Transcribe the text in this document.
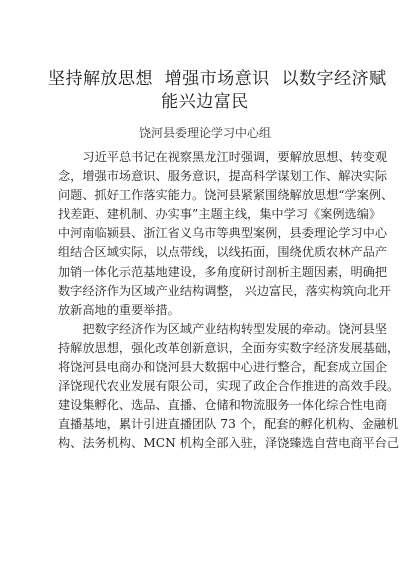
坚持解放思想  增强市场意识  以数字经济赋
能兴边富民

饶河县委理论学习中心组

习近平总书记在视察黑龙江时强调，要解放思想、转变观
念，增强市场意识、服务意识，提高科学谋划工作、解决实际
问题、抓好工作落实能力。饶河县紧紧围绕解放思想“学案例、
找差距、建机制、办实事”主题主线，集中学习《案例选编》
中河南临颍县、浙江省义乌市等典型案例，县委理论学习中心
组结合区域实际，以点带线，以线拓面，围绕优质农林产品产
加销一体化示范基地建设，多角度研讨剖析主题因素，明确把
数字经济作为区域产业结构调整， 兴边富民，落实构筑向北开
放新高地的重要举措。

把数字经济作为区域产业结构转型发展的牵动。饶河县坚
持解放思想，强化改革创新意识，全面夯实数字经济发展基础，
将饶河县电商办和饶河县大数据中心进行整合，配套成立国企
泽饶现代农业发展有限公司，实现了政企合作推进的高效手段。
建设集孵化、选品、直播、仓储和物流服务一体化综合性电商
直播基地，累计引进直播团队 73 个，配套的孵化机构、金融机
构、法务机构、MCN 机构全部入驻，泽饶臻选自营电商平台己
